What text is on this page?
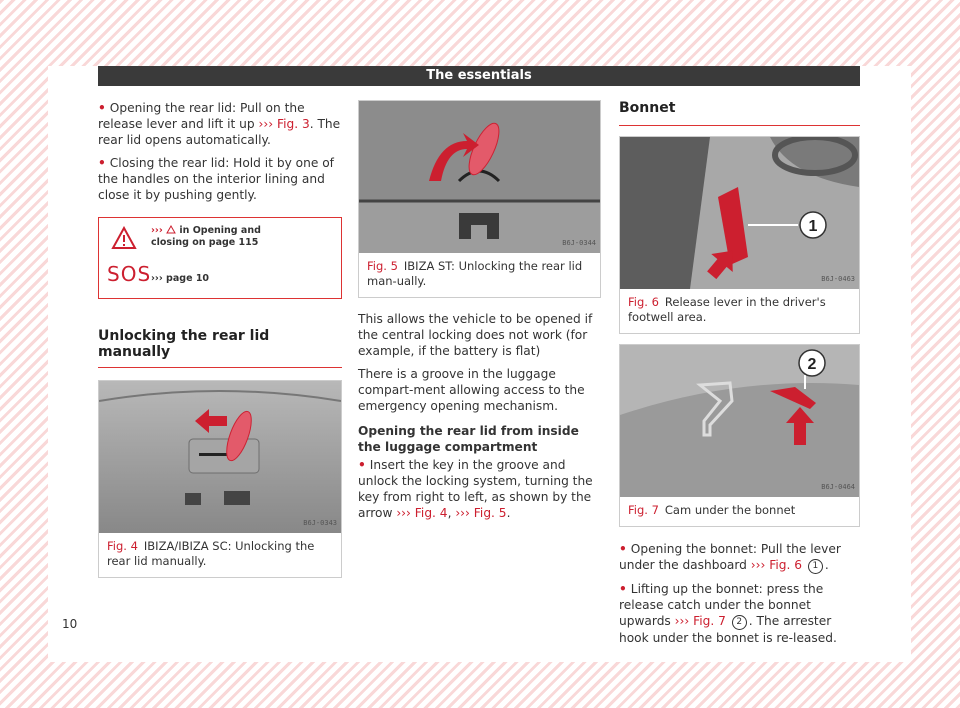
The essentials

• Opening the rear lid: Pull on the release lever and lift it up ››› Fig. 3. The rear lid opens automatically.

• Closing the rear lid: Hold it by one of the handles on the interior lining and close it by pushing gently.

››› in Opening and closing on page 115
SOS ››› page 10
Unlocking the rear lid manually
B6J-0343
Fig. 4 IBIZA/IBIZA SC: Unlocking the rear lid manually.
B6J-0344
Fig. 5 IBIZA ST: Unlocking the rear lid man-ually.

This allows the vehicle to be opened if the central locking does not work (for example, if the battery is flat)

There is a groove in the luggage compart-ment allowing access to the emergency opening mechanism.

Opening the rear lid from inside the luggage compartment

• Insert the key in the groove and unlock the locking system, turning the key from right to left, as shown by the arrow ››› Fig. 4, ››› Fig. 5.

Bonnet
1
B6J-0463
Fig. 6 Release lever in the driver's footwell area.
2
B6J-0464
Fig. 7 Cam under the bonnet

• Opening the bonnet: Pull the lever under the dashboard ››› Fig. 6 1 .

• Lifting up the bonnet: press the release catch under the bonnet upwards ››› Fig. 7 2 . The arrester hook under the bonnet is re-leased.

10
